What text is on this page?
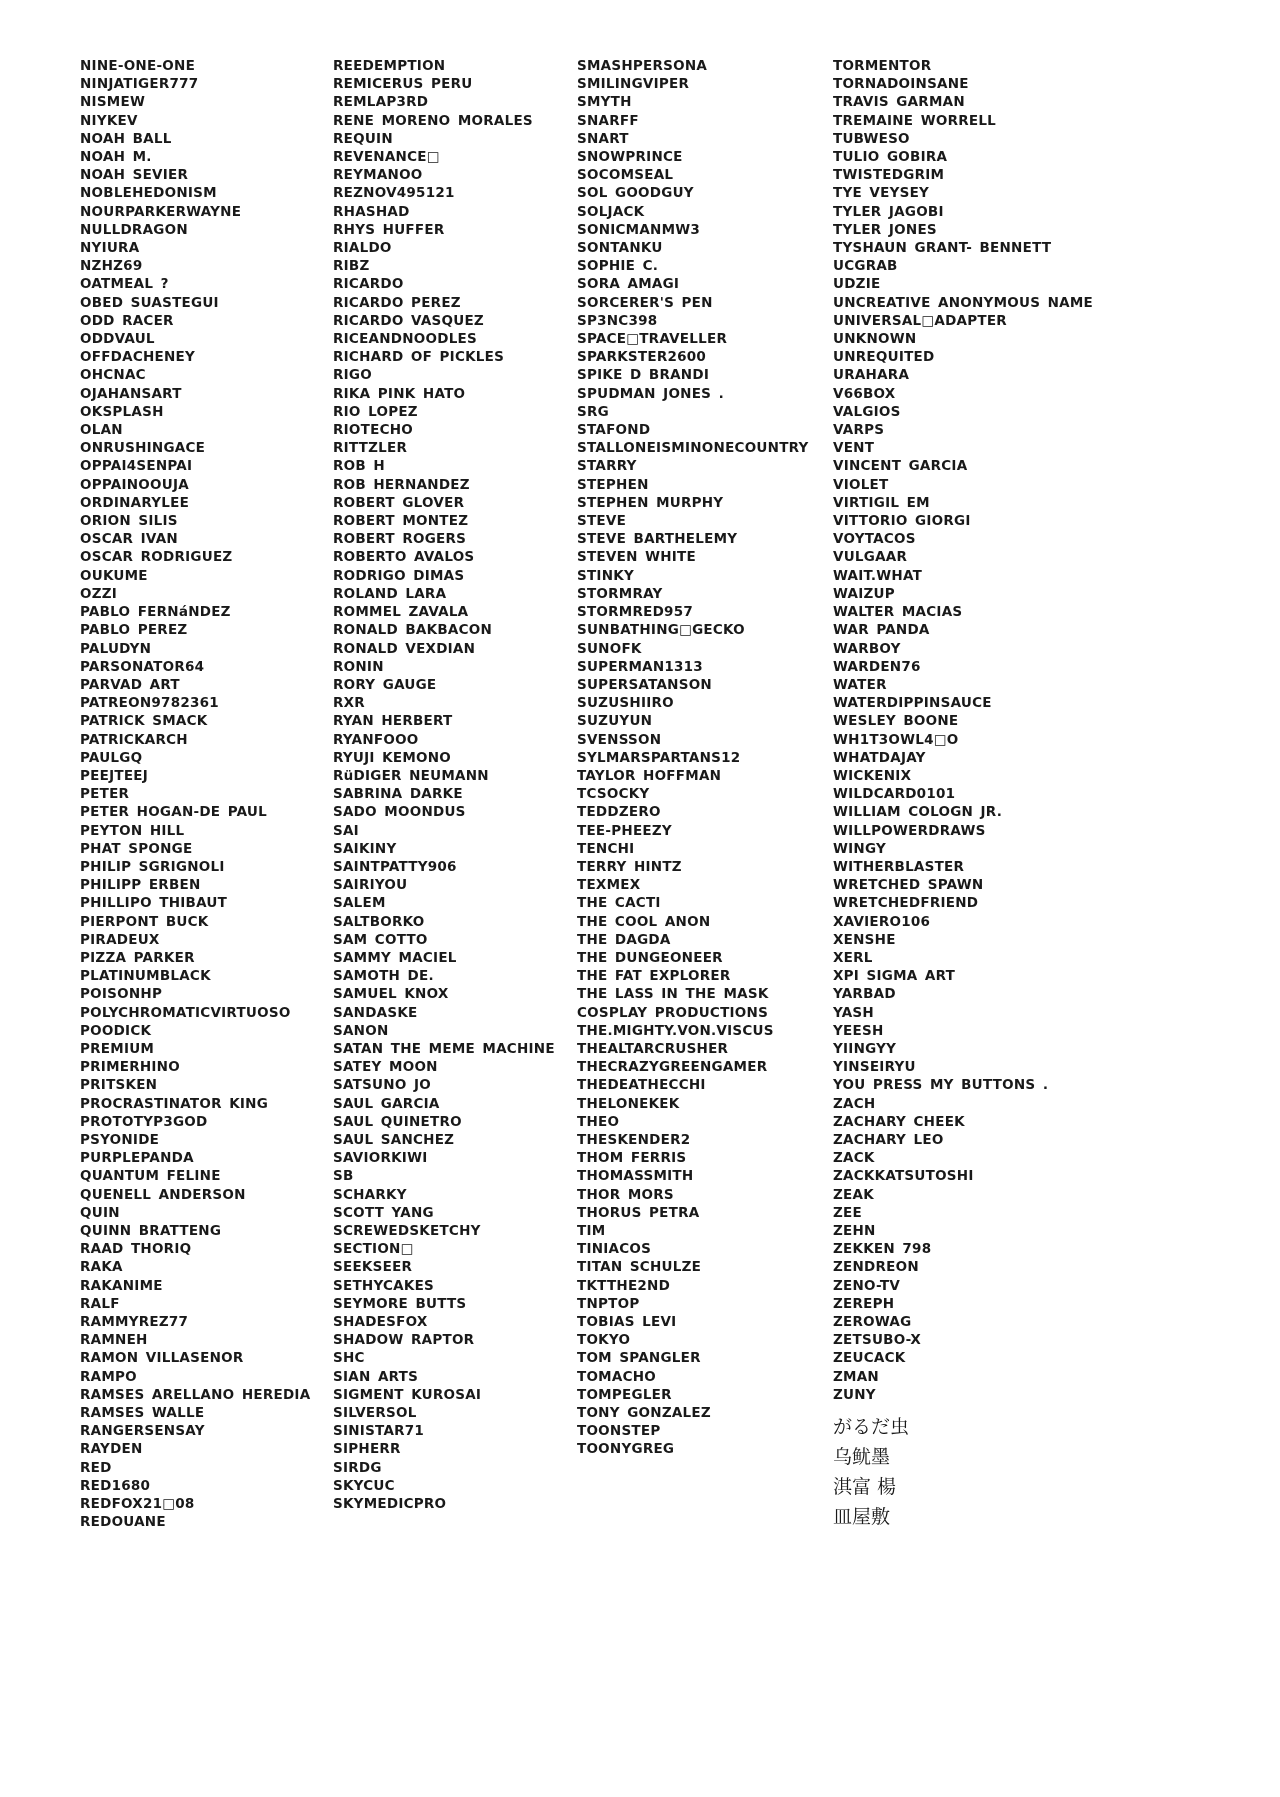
NINE-ONE-ONE
NINJATIGER777
NISMEW
NIYKEV
NOAH BALL
NOAH M.
NOAH SEVIER
NOBLEHEDONISM
NOURPARKERWAYNE
NULLDRAGON
NYIURA
NZHZ69
OATMEAL ?
OBED SUASTEGUI
ODD RACER
ODDVAUL
OFFDACHENEY
OHCNAC
OJAHANSART
OKSPLASH
OLAN
ONRUSHINGACE
OPPAI4SENPAI
OPPAINOOUJA
ORDINARYLEE
ORION SILIS
OSCAR IVAN
OSCAR RODRIGUEZ
OUKUME
OZZI
PABLO FERNáNDEZ
PABLO PEREZ
PALUDYN
PARSONATOR64
PARVAD ART
PATREON9782361
PATRICK SMACK
PATRICKARCH
PAULGQ
PEEJTEEJ
PETER
PETER HOGAN-DE PAUL
PEYTON HILL
PHAT SPONGE
PHILIP SGRIGNOLI
PHILIPP ERBEN
PHILLIPO THIBAUT
PIERPONT BUCK
PIRADEUX
PIZZA PARKER
PLATINUMBLACK
POISONHP
POLYCHROMATICVIRTUOSO
POODICK
PREMIUM
PRIMERHINO
PRITSKEN
PROCRASTINATOR KING
PROTOTYP3GOD
PSYONIDE
PURPLEPANDA
QUANTUM FELINE
QUENELL ANDERSON
QUIN
QUINN BRATTENG
RAAD THORIQ
RAKA
RAKANIME
RALF
RAMMYREZ77
RAMNEH
RAMON VILLASENOR
RAMPO
RAMSES ARELLANO HEREDIA
RAMSES WALLE
RANGERSENSAY
RAYDEN
RED
RED1680
REDFOX21□08
REDOUANE
REEDEMPTION
REMICERUS PERU
REMLAP3RD
RENE MORENO MORALES
REQUIN
REVENANCE□
REYMANOO
REZNOV495121
RHASHAD
RHYS HUFFER
RIALDO
RIBZ
RICARDO
RICARDO PEREZ
RICARDO VASQUEZ
RICEANDNOODLES
RICHARD OF PICKLES
RIGO
RIKA PINK HATO
RIO LOPEZ
RIOTECHO
RITTZLER
ROB H
ROB HERNANDEZ
ROBERT GLOVER
ROBERT MONTEZ
ROBERT ROGERS
ROBERTO AVALOS
RODRIGO DIMAS
ROLAND LARA
ROMMEL ZAVALA
RONALD BAKBACON
RONALD VEXDIAN
RONIN
RORY GAUGE
RXR
RYAN HERBERT
RYANFOOO
RYUJI KEMONO
RüDIGER NEUMANN
SABRINA DARKE
SADO MOONDUS
SAI
SAIKINY
SAINTPATTY906
SAIRIYOU
SALEM
SALTBORKO
SAM COTTO
SAMMY MACIEL
SAMOTH DE.
SAMUEL KNOX
SANDASKE
SANON
SATAN THE MEME MACHINE
SATEY MOON
SATSUNO JO
SAUL GARCIA
SAUL QUINETRO
SAUL SANCHEZ
SAVIORKIWI
SB
SCHARKY
SCOTT YANG
SCREWEDSKETCHY
SECTION□
SEEKSEER
SETHYCAKES
SEYMORE BUTTS
SHADESFOX
SHADOW RAPTOR
SHC
SIAN ARTS
SIGMENT KUROSAI
SILVERSOL
SINISTAR71
SIPHERR
SIRDG
SKYCUC
SKYMEDICPRO
SMASHPERSONA
SMILINGVIPER
SMYTH
SNARFF
SNART
SNOWPRINCE
SOCOMSEAL
SOL GOODGUY
SOLJACK
SONICMANMW3
SONTANKU
SOPHIE C.
SORA AMAGI
SORCERER'S PEN
SP3NC398
SPACE□TRAVELLER
SPARKSTER2600
SPIKE D BRANDI
SPUDMAN JONES .
SRG
STAFOND
STALLONEISMINONECOUNTRY
STARRY
STEPHEN
STEPHEN MURPHY
STEVE
STEVE BARTHELEMY
STEVEN WHITE
STINKY
STORMRAY
STORMRED957
SUNBATHING□GECKO
SUNOFK
SUPERMAN1313
SUPERSATANSON
SUZUSHIIRO
SUZUYUN
SVENSSON
SYLMARSPARTANS12
TAYLOR HOFFMAN
TCSOCKY
TEDDZERO
TEE-PHEEZY
TENCHI
TERRY HINTZ
TEXMEX
THE CACTI
THE COOL ANON
THE DAGDA
THE DUNGEONEER
THE FAT EXPLORER
THE LASS IN THE MASK
COSPLAY PRODUCTIONS
THE.MIGHTY.VON.VISCUS
THEALTARCRUSHER
THECRAZYGREENGAMER
THEDEATHECCHI
THELONEKEK
THEO
THESKENDER2
THOM FERRIS
THOMASSMITH
THOR MORS
THORUS PETRA
TIM
TINIACOS
TITAN SCHULZE
TKTTHE2ND
TNPTOP
TOBIAS LEVI
TOKYO
TOM SPANGLER
TOMACHO
TOMPEGLER
TONY GONZALEZ
TOONSTEP
TOONYGREG
TORMENTOR
TORNADOINSANE
TRAVIS GARMAN
TREMAINE WORRELL
TUBWESO
TULIO GOBIRA
TWISTEDGRIM
TYE VEYSEY
TYLER JAGOBI
TYLER JONES
TYSHAUN GRANT- BENNETT
UCGRAB
UDZIE
UNCREATIVE ANONYMOUS NAME
UNIVERSAL□ADAPTER
UNKNOWN
UNREQUITED
URAHARA
V66BOX
VALGIOS
VARPS
VENT
VINCENT GARCIA
VIOLET
VIRTIGIL EM
VITTORIO GIORGI
VOYTACOS
VULGAAR
WAIT.WHAT
WAIZUP
WALTER MACIAS
WAR PANDA
WARBOY
WARDEN76
WATER
WATERDIPPINSAUCE
WESLEY BOONE
WH1T3OWL4□O
WHATDAJAY
WICKENIX
WILDCARD0101
WILLIAM COLOGN JR.
WILLPOWERDRAWS
WINGY
WITHERBLASTER
WRETCHED SPAWN
WRETCHEDFRIEND
XAVIERO106
XENSHE
XERL
XPI SIGMA ART
YARBAD
YASH
YEESH
YIINGYY
YINSEIRYU
YOU PRESS MY BUTTONS .
ZACH
ZACHARY CHEEK
ZACHARY LEO
ZACK
ZACKKATSUTOSHI
ZEAK
ZEE
ZEHN
ZEKKEN 798
ZENDREON
ZENO-TV
ZEREPH
ZEROWAG
ZETSUBO-X
ZEUCACK
ZMAN
ZUNY
がるだ虫
乌鱿墨
淇富 楊
皿屋敷
